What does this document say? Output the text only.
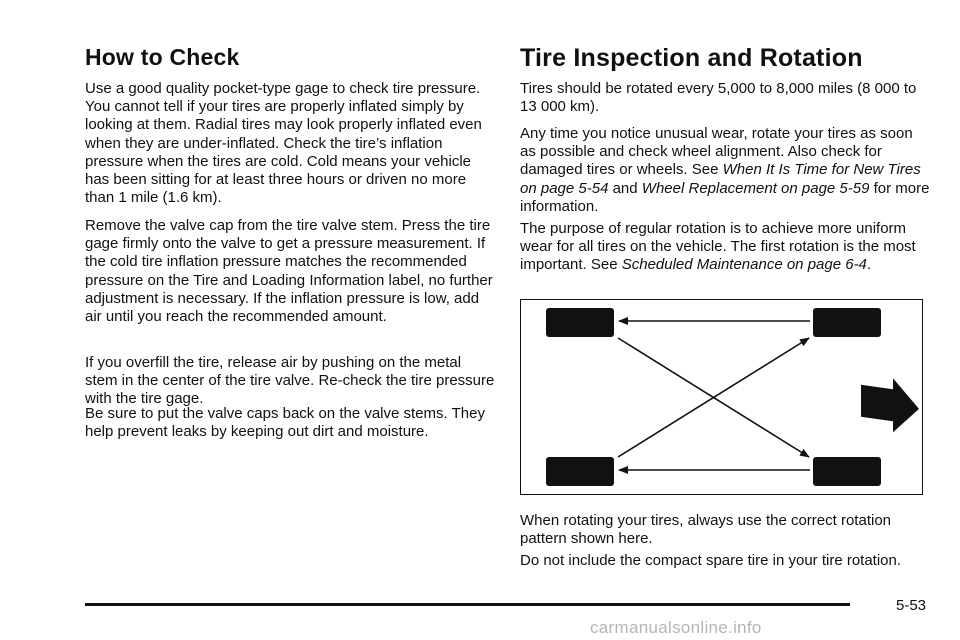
How to Check

Use a good quality pocket-type gage to check tire pressure. You cannot tell if your tires are properly inflated simply by looking at them. Radial tires may look properly inflated even when they are under-inflated. Check the tire’s inflation pressure when the tires are cold. Cold means your vehicle has been sitting for at least three hours or driven no more than 1 mile (1.6 km).

Remove the valve cap from the tire valve stem. Press the tire gage firmly onto the valve to get a pressure measurement. If the cold tire inflation pressure matches the recommended pressure on the Tire and Loading Information label, no further adjustment is necessary. If the inflation pressure is low, add air until you reach the recommended amount.

If you overfill the tire, release air by pushing on the metal stem in the center of the tire valve. Re-check the tire pressure with the tire gage.

Be sure to put the valve caps back on the valve stems. They help prevent leaks by keeping out dirt and moisture.

Tire Inspection and Rotation

Tires should be rotated every 5,000 to 8,000 miles (8 000 to 13 000 km).

Any time you notice unusual wear, rotate your tires as soon as possible and check wheel alignment. Also check for damaged tires or wheels. See When It Is Time for New Tires on page 5-54 and Wheel Replacement on page 5-59 for more information.

The purpose of regular rotation is to achieve more uniform wear for all tires on the vehicle. The first rotation is the most important. See Scheduled Maintenance on page 6-4.

When rotating your tires, always use the correct rotation pattern shown here.

Do not include the compact spare tire in your tire rotation.

5-53
carmanualsonline.info
